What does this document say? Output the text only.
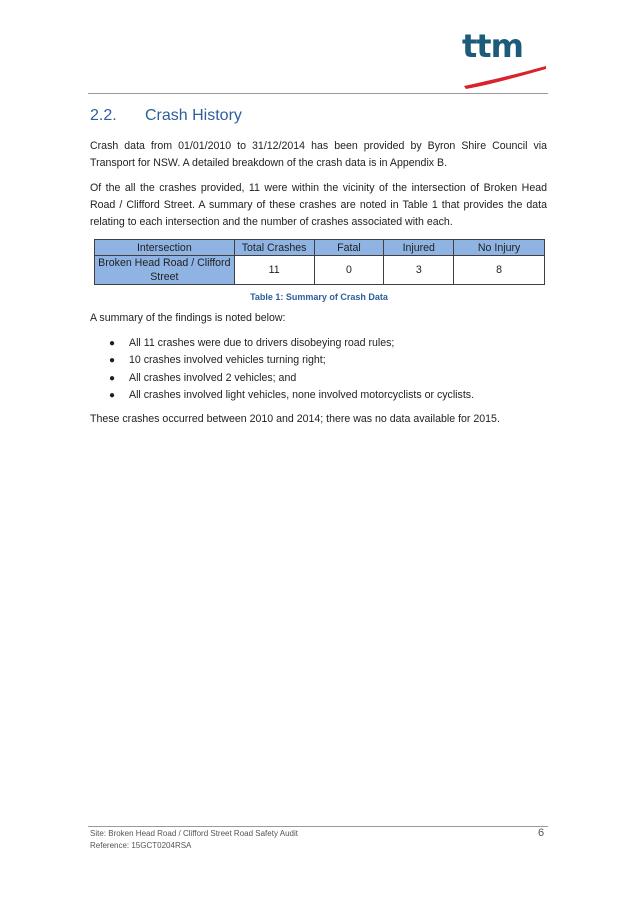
ttm
2.2. Crash History

Crash data from 01/01/2010 to 31/12/2014 has been provided by Byron Shire Council via Transport for NSW. A detailed breakdown of the crash data is in Appendix B.

Of the all the crashes provided, 11 were within the vicinity of the intersection of Broken Head Road / Clifford Street. A summary of these crashes are noted in Table 1 that provides the data relating to each intersection and the number of crashes associated with each.

Intersection	Total Crashes	Fatal	Injured	No Injury
Broken Head Road / Clifford Street	11	0	3	8
Table 1: Summary of Crash Data

A summary of the findings is noted below:

● All 11 crashes were due to drivers disobeying road rules;
● 10 crashes involved vehicles turning right;
● All crashes involved 2 vehicles; and
● All crashes involved light vehicles, none involved motorcyclists or cyclists.

These crashes occurred between 2010 and 2014; there was no data available for 2015.

Site: Broken Head Road / Clifford Street Road Safety Audit
Reference: 15GCT0204RSA
6
